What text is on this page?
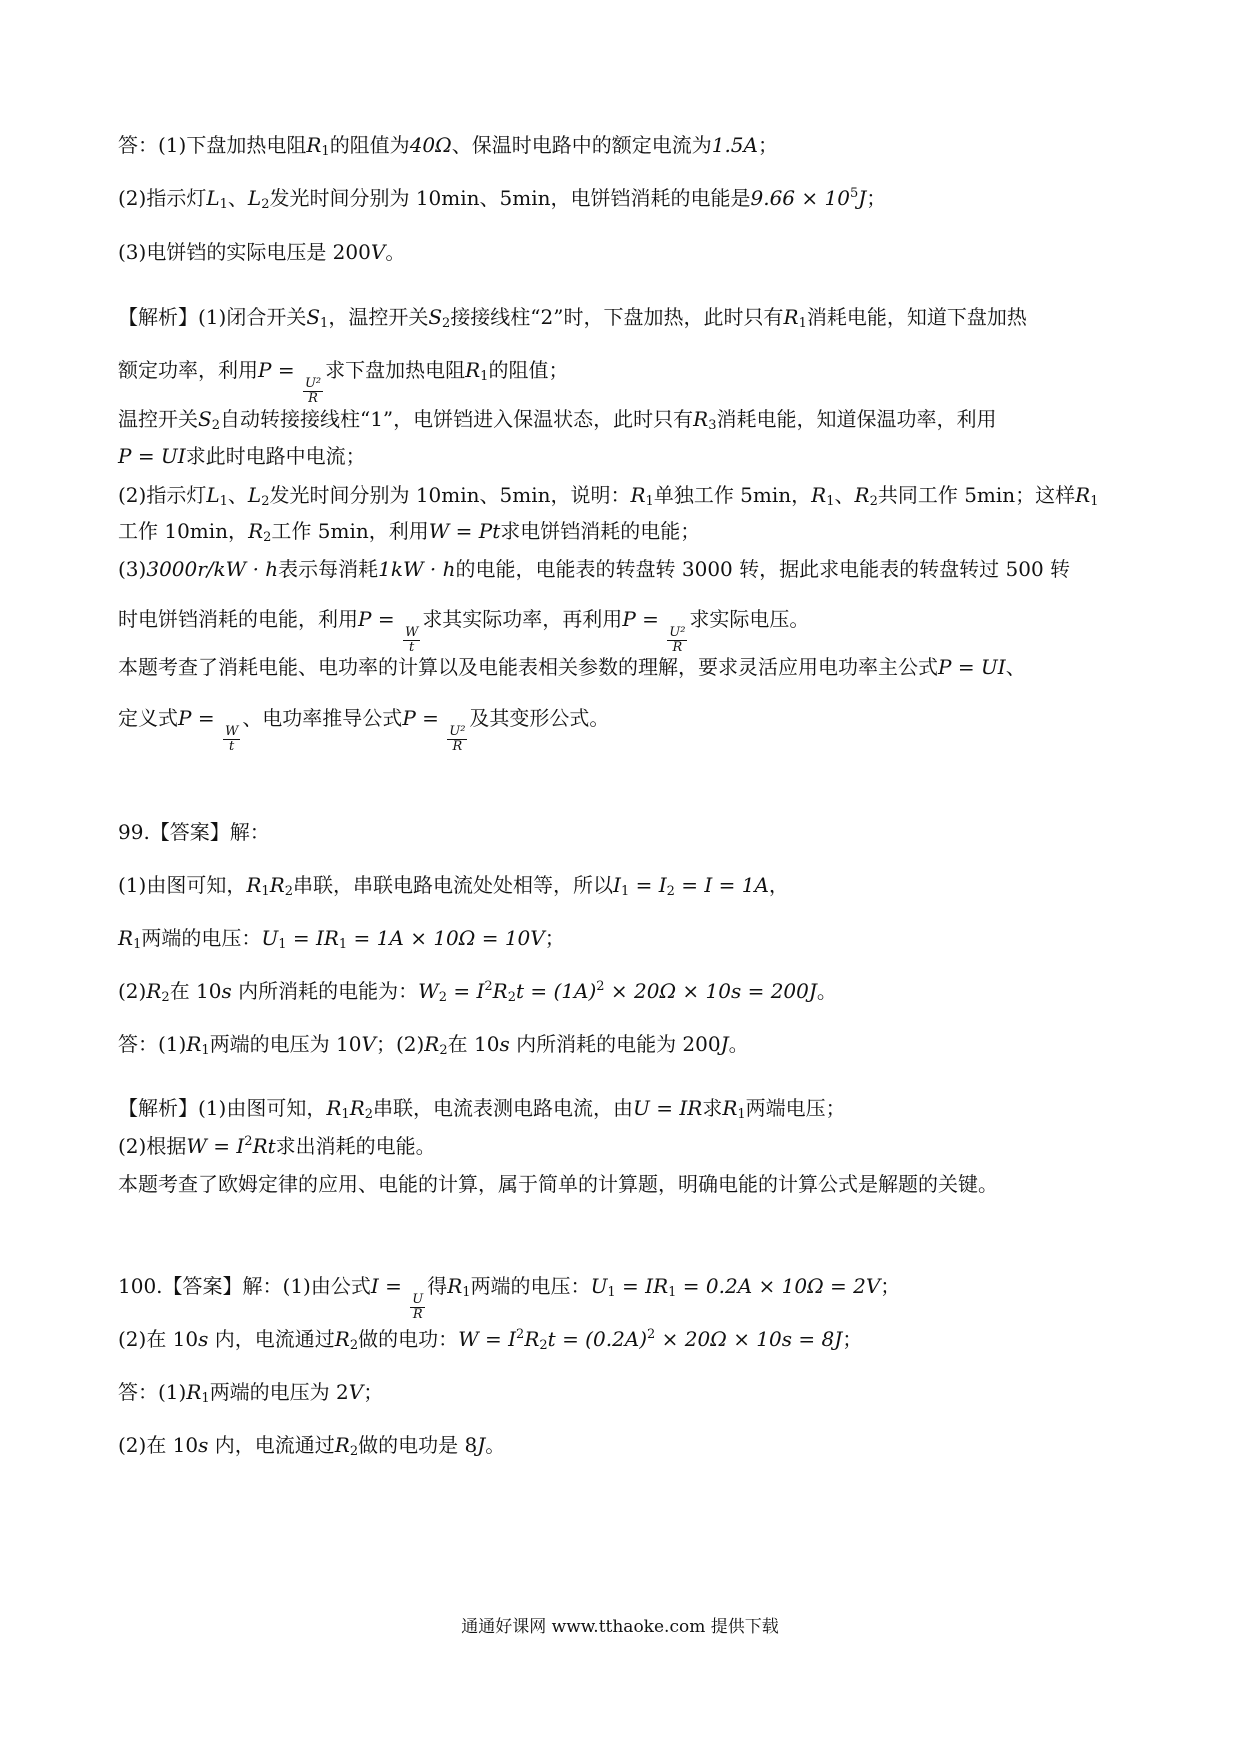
答：(1)下盘加热电阻$R_1$的阻值为40Ω、保温时电路中的额定电流为1.5A；
(2)指示灯$L_1$、$L_2$发光时间分别为 10min、5min，电饼铛消耗的电能是$9.66 \times 10^5J$；
(3)电饼铛的实际电压是 200V。
【解析】(1)闭合开关$S_1$，温控开关$S_2$接接线柱“2”时，下盘加热，此时只有$R_1$消耗电能，知道下盘加热
额定功率，利用P =
$\frac{\text{U²}}{R}$
求下盘加热电阻$R_1$的阻值；
温控开关$S_2$自动转接接线柱“1”，电饼铛进入保温状态，此时只有$R_3$消耗电能，知道保温功率，利用
P = UI求此时电路中电流；
(2)指示灯$L_1$、$L_2$发光时间分别为 10min、5min，说明：$R_1$单独工作 5min，$R_1$、$R_2$共同工作 5min；这样$R_1$
工作 10min，$R_2$工作 5min，利用W = Pt求电饼铛消耗的电能；
(3)3000r/kW · h表示每消耗1kW · h的电能，电能表的转盘转 3000 转，据此求电能表的转盘转过 500 转
时电饼铛消耗的电能，利用P =
$\frac{W}{t}$
求其实际功率，再利用P =
$\frac{\text{U²}}{R}$
求实际电压。
本题考查了消耗电能、电功率的计算以及电能表相关参数的理解，要求灵活应用电功率主公式P = UI、
定义式P =
$\frac{W}{t}$
、电功率推导公式P =
$\frac{\text{U²}}{R}$
及其变形公式。
99.【答案】解：
(1)由图可知，$R_1R_2$串联，串联电路电流处处相等，所以$I_1 = I_2 = I = 1A$，
$R_1$两端的电压：$U_1 = IR_1 = 1A \times 10\Omega = 10V$；
$(2)R_2$在 10s 内所消耗的电能为：$W_2 = I^2R_2t = (1A)^2 \times 20\Omega \times 10s = 200J$。
答：$(1)R_1$两端的电压为 10V；$(2)R_2$在 10s 内所消耗的电能为 200J。
【解析】(1)由图可知，$R_1R_2$串联，电流表测电路电流，由U = IR求$R_1$两端电压；
(2)根据$W = I^2Rt$求出消耗的电能。
本题考查了欧姆定律的应用、电能的计算，属于简单的计算题，明确电能的计算公式是解题的关键。
100.【答案】解：(1)由公式I =
$\frac{U}{R}$
得$R_1$两端的电压：$U_1 = IR_1 = 0.2A \times 10\Omega = 2V$；
(2)在 10s 内，电流通过$R_2$做的电功：$W = I^2R_2t = (0.2A)^2 \times 20\Omega \times 10s = 8J$；
答：$(1)R_1$两端的电压为 2V；
(2)在 10s 内，电流通过$R_2$做的电功是 8J。
通通好课网 www.tthaoke.com 提供下载
